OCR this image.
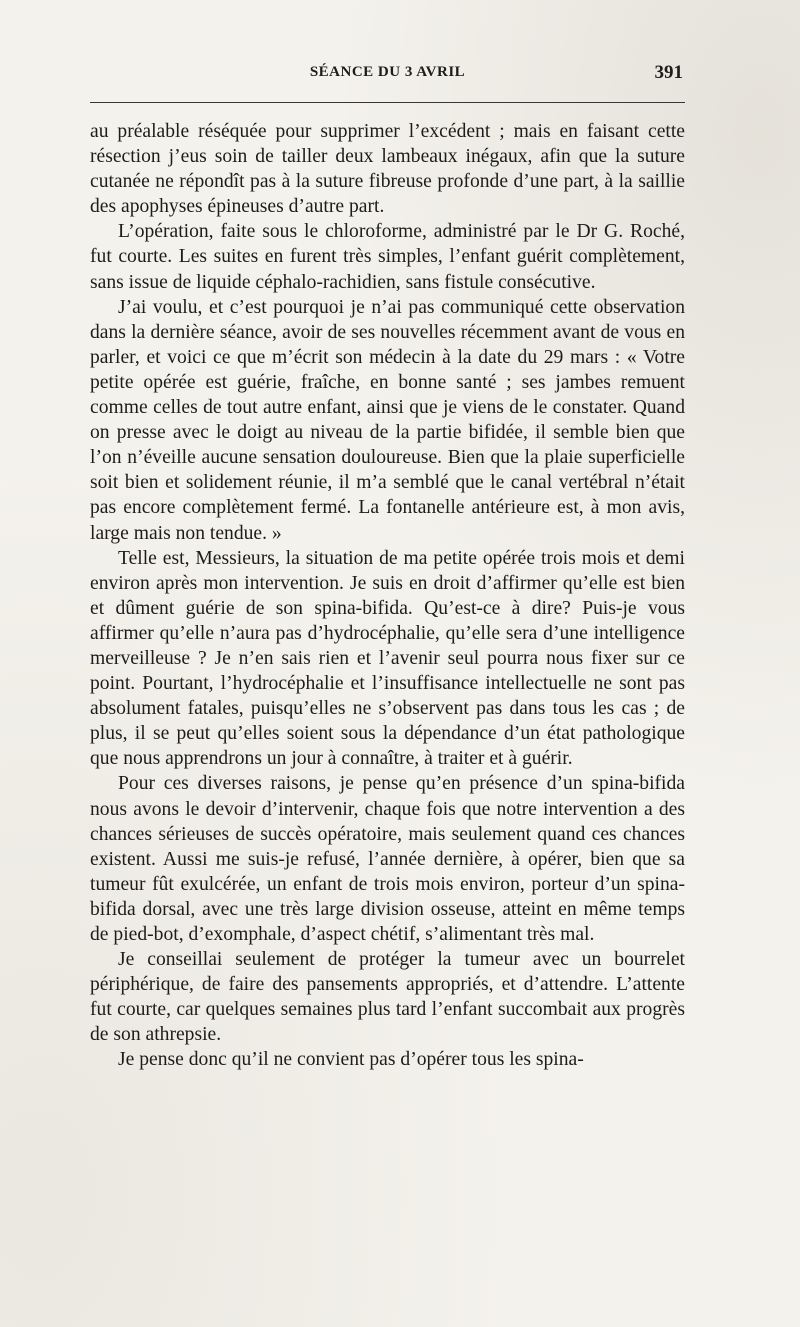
SÉANCE DU 3 AVRIL	391

au préalable réséquée pour supprimer l’excédent ; mais en faisant cette résection j’eus soin de tailler deux lambeaux inégaux, afin que la suture cutanée ne répondît pas à la suture fibreuse profonde d’une part, à la saillie des apophyses épineuses d’autre part.

L’opération, faite sous le chloroforme, administré par le Dr G. Roché, fut courte. Les suites en furent très simples, l’enfant guérit complètement, sans issue de liquide céphalo-rachidien, sans fistule consécutive.

J’ai voulu, et c’est pourquoi je n’ai pas communiqué cette observation dans la dernière séance, avoir de ses nouvelles récemment avant de vous en parler, et voici ce que m’écrit son médecin à la date du 29 mars : « Votre petite opérée est guérie, fraîche, en bonne santé ; ses jambes remuent comme celles de tout autre enfant, ainsi que je viens de le constater. Quand on presse avec le doigt au niveau de la partie bifidée, il semble bien que l’on n’éveille aucune sensation douloureuse. Bien que la plaie superficielle soit bien et solidement réunie, il m’a semblé que le canal vertébral n’était pas encore complètement fermé. La fontanelle antérieure est, à mon avis, large mais non tendue. »

Telle est, Messieurs, la situation de ma petite opérée trois mois et demi environ après mon intervention. Je suis en droit d’affirmer qu’elle est bien et dûment guérie de son spina-bifida. Qu’est-ce à dire? Puis-je vous affirmer qu’elle n’aura pas d’hydrocéphalie, qu’elle sera d’une intelligence merveilleuse ? Je n’en sais rien et l’avenir seul pourra nous fixer sur ce point. Pourtant, l’hydrocéphalie et l’insuffisance intellectuelle ne sont pas absolument fatales, puisqu’elles ne s’observent pas dans tous les cas ; de plus, il se peut qu’elles soient sous la dépendance d’un état pathologique que nous apprendrons un jour à connaître, à traiter et à guérir.

Pour ces diverses raisons, je pense qu’en présence d’un spina-bifida nous avons le devoir d’intervenir, chaque fois que notre intervention a des chances sérieuses de succès opératoire, mais seulement quand ces chances existent. Aussi me suis-je refusé, l’année dernière, à opérer, bien que sa tumeur fût exulcérée, un enfant de trois mois environ, porteur d’un spina-bifida dorsal, avec une très large division osseuse, atteint en même temps de pied-bot, d’exomphale, d’aspect chétif, s’alimentant très mal.

Je conseillai seulement de protéger la tumeur avec un bourrelet périphérique, de faire des pansements appropriés, et d’attendre. L’attente fut courte, car quelques semaines plus tard l’enfant succombait aux progrès de son athrepsie.

Je pense donc qu’il ne convient pas d’opérer tous les spina-
